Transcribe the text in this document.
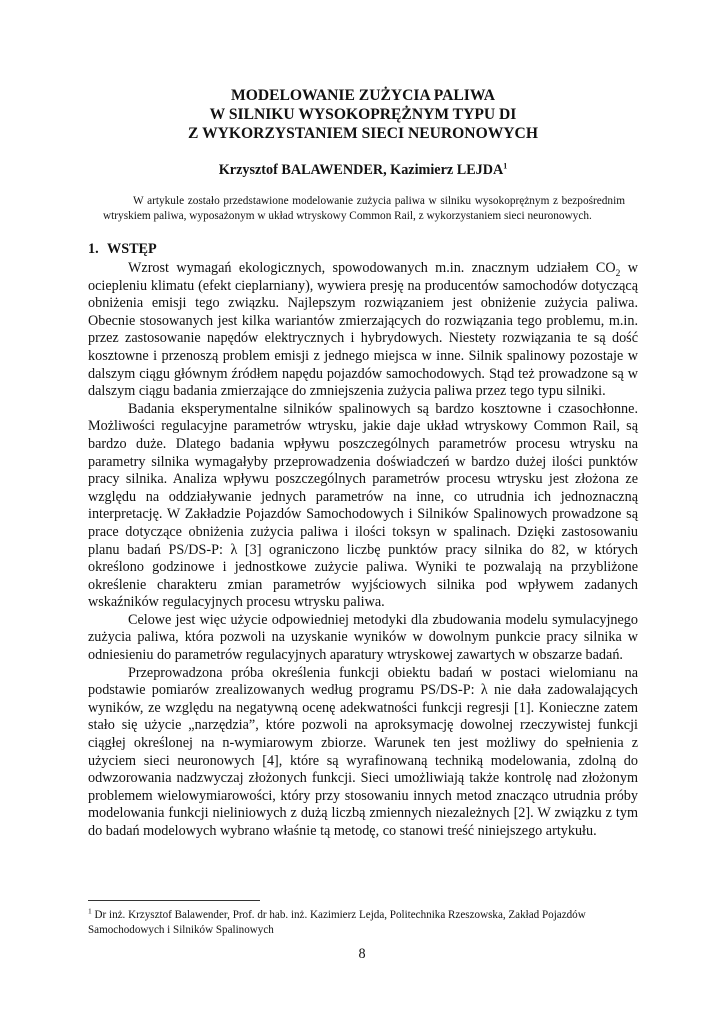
MODELOWANIE ZUŻYCIA PALIWA
W SILNIKU WYSOKOPRĘŻNYM TYPU DI
Z WYKORZYSTANIEM SIECI NEURONOWYCH
Krzysztof BALAWENDER, Kazimierz LEJDA$^1$

W artykule zostało przedstawione modelowanie zużycia paliwa w silniku wysokoprężnym z bezpośrednim wtryskiem paliwa, wyposażonym w układ wtryskowy Common Rail, z wykorzystaniem sieci neuronowych.

1. WSTĘP

Wzrost wymagań ekologicznych, spowodowanych m.in. znacznym udziałem $CO_2$ w ociepleniu klimatu (efekt cieplarniany), wywiera presję na producentów samochodów dotyczącą obniżenia emisji tego związku. Najlepszym rozwiązaniem jest obniżenie zużycia paliwa. Obecnie stosowanych jest kilka wariantów zmierzających do rozwiązania tego problemu, m.in. przez zastosowanie napędów elektrycznych i hybrydowych. Niestety rozwiązania te są dość kosztowne i przenoszą problem emisji z jednego miejsca w inne. Silnik spalinowy pozostaje w dalszym ciągu głównym źródłem napędu pojazdów samochodowych. Stąd też prowadzone są w dalszym ciągu badania zmierzające do zmniejszenia zużycia paliwa przez tego typu silniki.

Badania eksperymentalne silników spalinowych są bardzo kosztowne i czasochłonne. Możliwości regulacyjne parametrów wtrysku, jakie daje układ wtryskowy Common Rail, są bardzo duże. Dlatego badania wpływu poszczególnych parametrów procesu wtrysku na parametry silnika wymagałyby przeprowadzenia doświadczeń w bardzo dużej ilości punktów pracy silnika. Analiza wpływu poszczególnych parametrów procesu wtrysku jest złożona ze względu na oddziaływanie jednych parametrów na inne, co utrudnia ich jednoznaczną interpretację. W Zakładzie Pojazdów Samochodowych i Silników Spalinowych prowadzone są prace dotyczące obniżenia zużycia paliwa i ilości toksyn w spalinach. Dzięki zastosowaniu planu badań PS/DS-P: λ [3] ograniczono liczbę punktów pracy silnika do 82, w których określono godzinowe i jednostkowe zużycie paliwa. Wyniki te pozwalają na przybliżone określenie charakteru zmian parametrów wyjściowych silnika pod wpływem zadanych wskaźników regulacyjnych procesu wtrysku paliwa.

Celowe jest więc użycie odpowiedniej metodyki dla zbudowania modelu symulacyjnego zużycia paliwa, która pozwoli na uzyskanie wyników w dowolnym punkcie pracy silnika w odniesieniu do parametrów regulacyjnych aparatury wtryskowej zawartych w obszarze badań.

Przeprowadzona próba określenia funkcji obiektu badań w postaci wielomianu na podstawie pomiarów zrealizowanych według programu PS/DS-P: λ nie dała zadowalających wyników, ze względu na negatywną ocenę adekwatności funkcji regresji [1]. Konieczne zatem stało się użycie „narzędzia”, które pozwoli na aproksymację dowolnej rzeczywistej funkcji ciągłej określonej na n-wymiarowym zbiorze. Warunek ten jest możliwy do spełnienia z użyciem sieci neuronowych [4], które są wyrafinowaną techniką modelowania, zdolną do odwzorowania nadzwyczaj złożonych funkcji. Sieci umożliwiają także kontrolę nad złożonym problemem wielowymiarowości, który przy stosowaniu innych metod znacząco utrudnia próby modelowania funkcji nieliniowych z dużą liczbą zmiennych niezależnych [2]. W związku z tym do badań modelowych wybrano właśnie tą metodę, co stanowi treść niniejszego artykułu.

$^1$ Dr inż. Krzysztof Balawender, Prof. dr hab. inż. Kazimierz Lejda, Politechnika Rzeszowska, Zakład Pojazdów Samochodowych i Silników Spalinowych
8
